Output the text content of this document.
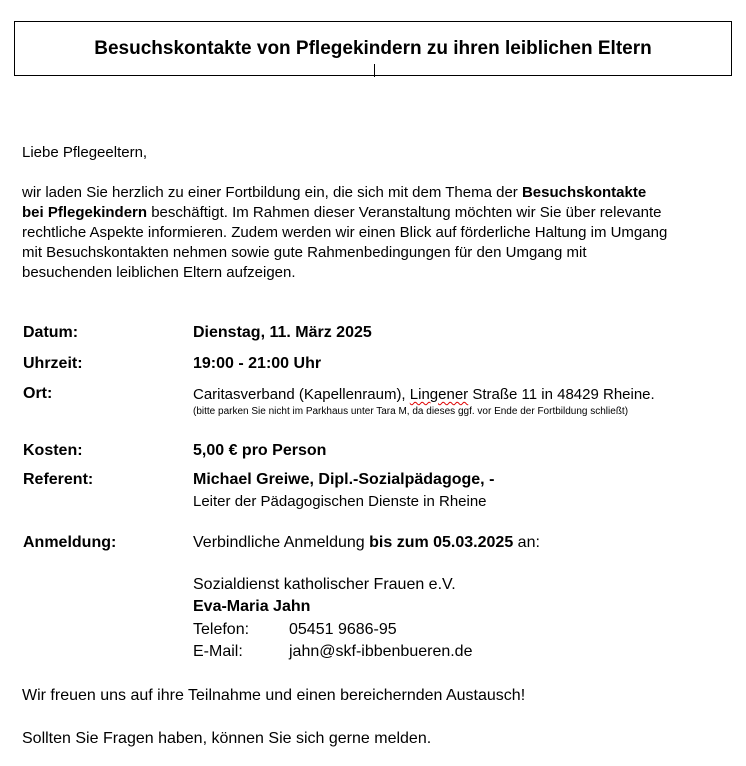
Besuchskontakte von Pflegekindern zu ihren leiblichen Eltern
Liebe Pflegeeltern,
wir laden Sie herzlich zu einer Fortbildung ein, die sich mit dem Thema der Besuchskontakte
bei Pflegekindern beschäftigt. Im Rahmen dieser Veranstaltung möchten wir Sie über relevante
rechtliche Aspekte informieren. Zudem werden wir einen Blick auf förderliche Haltung im Umgang
mit Besuchskontakten nehmen sowie gute Rahmenbedingungen für den Umgang mit
besuchenden leiblichen Eltern aufzeigen.
Datum:	Dienstag, 11. März 2025
Uhrzeit:	19:00 - 21:00 Uhr
Ort:	Caritasverband (Kapellenraum), Lingener Straße 11 in 48429 Rheine.
(bitte parken Sie nicht im Parkhaus unter Tara M, da dieses ggf. vor Ende der Fortbildung schließt)
Kosten:	5,00 € pro Person
Referent:	Michael Greiwe, Dipl.-Sozialpädagoge, -
Leiter der Pädagogischen Dienste in Rheine
Anmeldung:	Verbindliche Anmeldung bis zum 05.03.2025 an:
Sozialdienst katholischer Frauen e.V.
Eva-Maria Jahn
Telefon: 05451 9686-95
E-Mail:	jahn@skf-ibbenbueren.de
Wir freuen uns auf ihre Teilnahme und einen bereichernden Austausch!
Sollten Sie Fragen haben, können Sie sich gerne melden.
